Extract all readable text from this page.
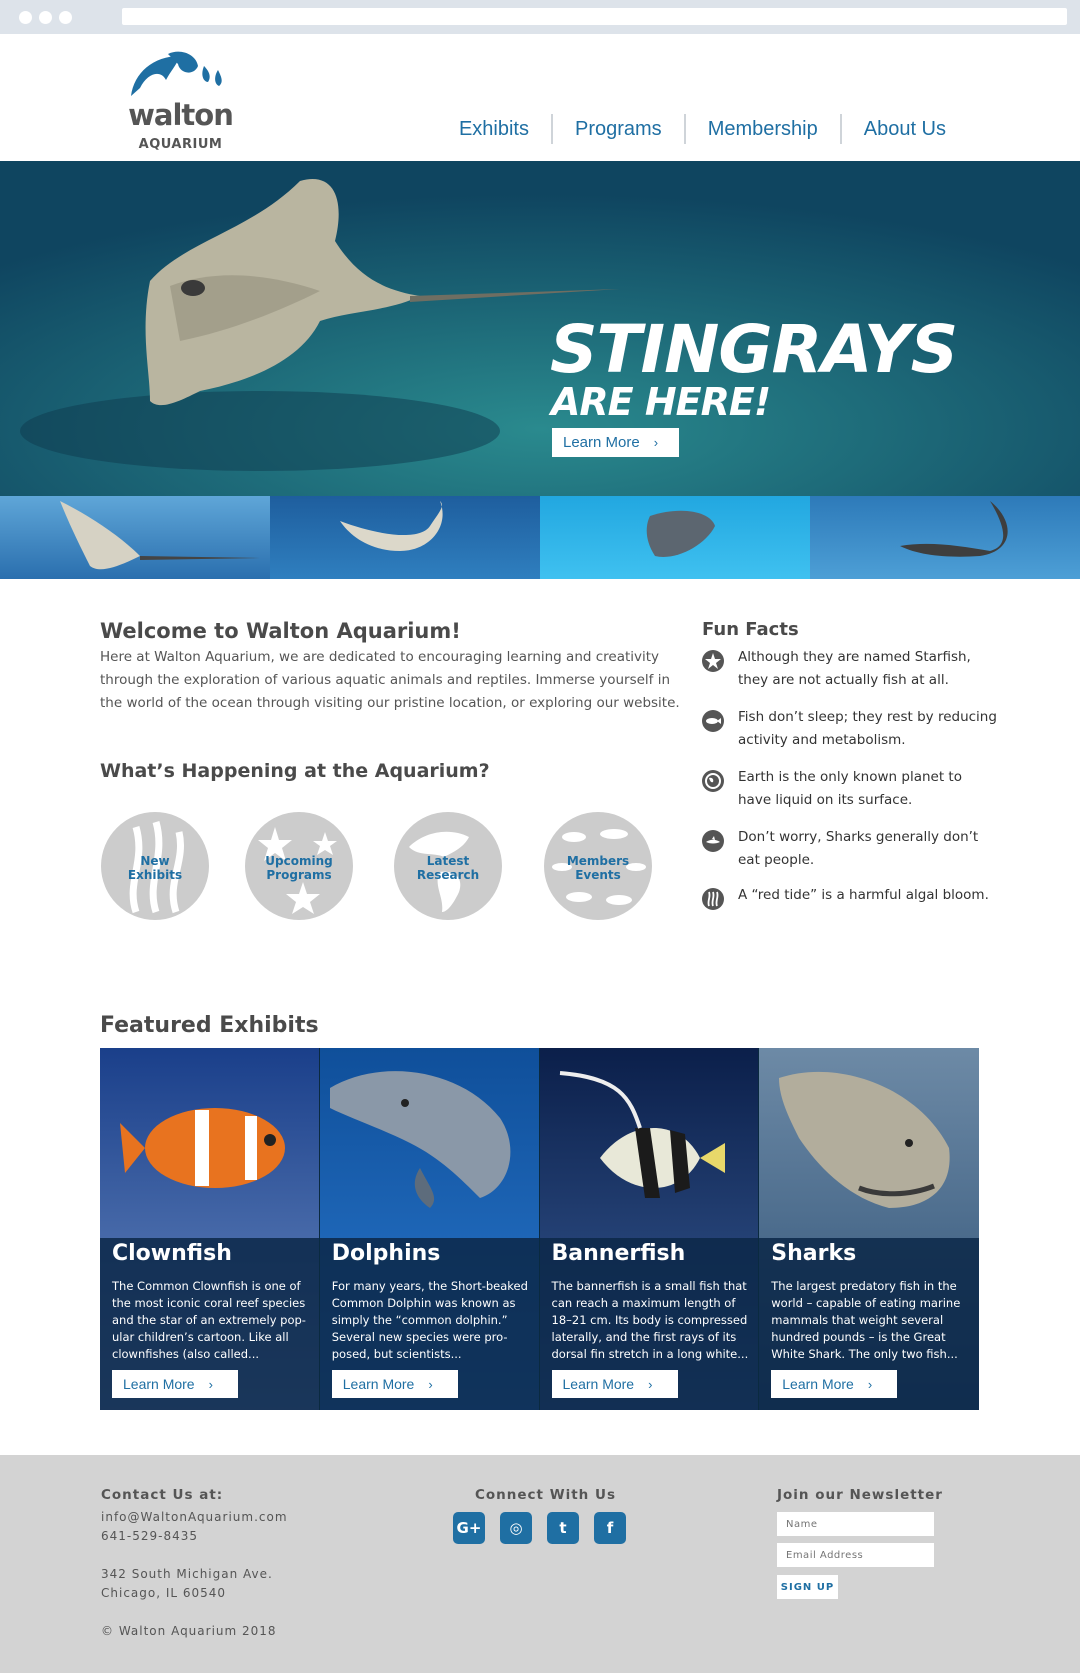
walton
AQUARIUM
Exhibits	Programs	Membership	About Us
STINGRAYS
ARE HERE!
Learn More ›
Welcome to Walton Aquarium!
Here at Walton Aquarium, we are dedicated to encouraging learning and creativity through the exploration of various aquatic animals and reptiles. Immerse yourself in the world of the ocean through visiting our pristine location, or exploring our website.
What’s Happening at the Aquarium?
New
Exhibits
Upcoming
Programs
Latest
Research
Members
Events
Fun Facts
Although they are named Starfish, they are not actually fish at all.
Fish don’t sleep; they rest by reducing activity and metabolism.
Earth is the only known planet to have liquid on its surface.
Don’t worry, Sharks generally don’t eat people.
A “red tide” is a harmful algal bloom.
Featured Exhibits
Clownfish
The Common Clownfish is one of the most iconic coral reef species and the star of an extremely pop-ular children’s cartoon. Like all clownfishes (also called...
Learn More ›
Dolphins
For many years, the Short-beaked Common Dolphin was known as simply the “common dolphin.” Several new species were pro-posed, but scientists...
Learn More ›
Bannerfish
The bannerfish is a small fish that can reach a maximum length of 18–21 cm. Its body is compressed laterally, and the first rays of its dorsal fin stretch in a long white...
Learn More ›
Sharks
The largest predatory fish in the world – capable of eating marine mammals that weight several hundred pounds – is the Great White Shark. The only two fish...
Learn More ›
Contact Us at:
info@WaltonAquarium.com
641-529-8435
342 South Michigan Ave.
Chicago, IL 60540
© Walton Aquarium 2018
Connect With Us
G+	◎	t	f
Join our Newsletter
Name
Email Address
SIGN UP
